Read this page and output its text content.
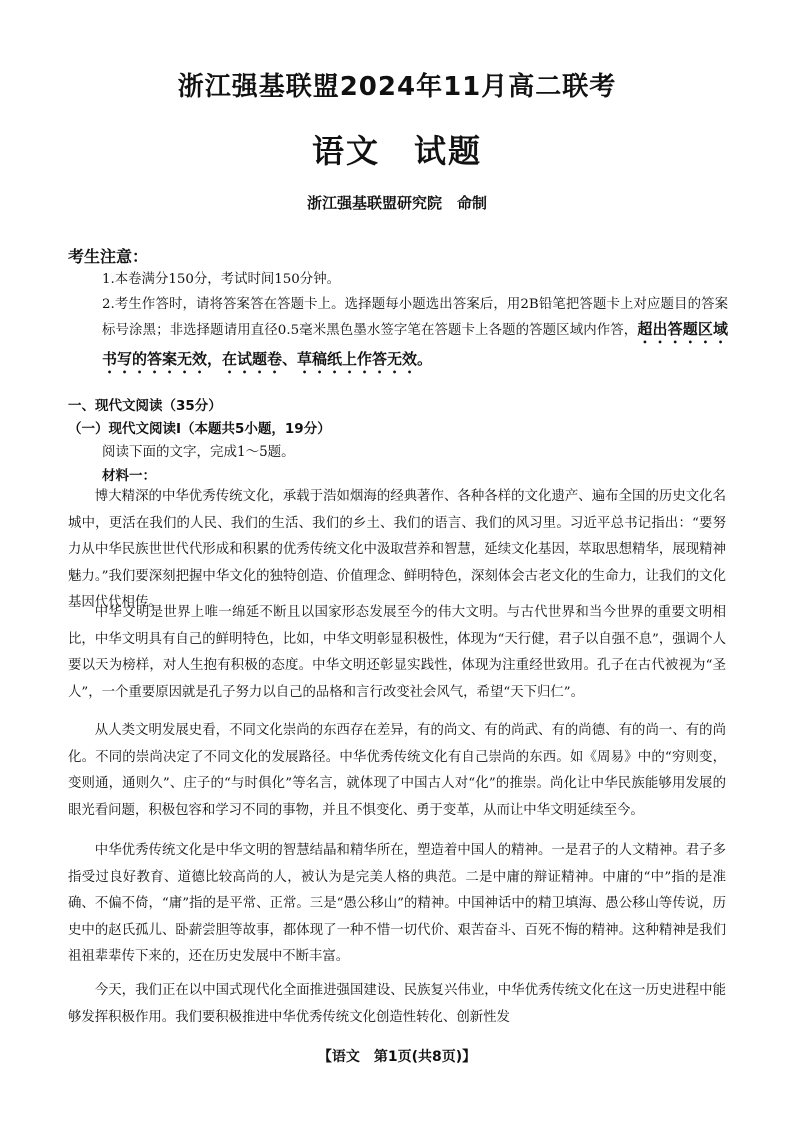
浙江强基联盟2024年11月高二联考
语文　试题
浙江强基联盟研究院　命制
考生注意：
1.本卷满分150分，考试时间150分钟。
2.考生作答时，请将答案答在答题卡上。选择题每小题选出答案后，用2B铅笔把答题卡上对应题目的答案标号涂黑；非选择题请用直径0.5毫米黑色墨水签字笔在答题卡上各题的答题区域内作答，超出答题区域书写的答案无效，在试题卷、草稿纸上作答无效。
一、现代文阅读（35分）
（一）现代文阅读Ⅰ（本题共5小题，19分）
阅读下面的文字，完成1～5题。
材料一：

博大精深的中华优秀传统文化，承载于浩如烟海的经典著作、各种各样的文化遗产、遍布全国的历史文化名城中，更活在我们的人民、我们的生活、我们的乡土、我们的语言、我们的风习里。习近平总书记指出：“要努力从中华民族世世代代形成和积累的优秀传统文化中汲取营养和智慧，延续文化基因，萃取思想精华，展现精神魅力。”我们要深刻把握中华文化的独特创造、价值理念、鲜明特色，深刻体会古老文化的生命力，让我们的文化基因代代相传。

中华文明是世界上唯一绵延不断且以国家形态发展至今的伟大文明。与古代世界和当今世界的重要文明相比，中华文明具有自己的鲜明特色，比如，中华文明彰显积极性，体现为“天行健，君子以自强不息”，强调个人要以天为榜样，对人生抱有积极的态度。中华文明还彰显实践性，体现为注重经世致用。孔子在古代被视为“圣人”，一个重要原因就是孔子努力以自己的品格和言行改变社会风气，希望“天下归仁”。

从人类文明发展史看，不同文化崇尚的东西存在差异，有的尚文、有的尚武、有的尚德、有的尚一、有的尚化。不同的崇尚决定了不同文化的发展路径。中华优秀传统文化有自己崇尚的东西。如《周易》中的“穷则变，变则通，通则久”、庄子的“与时俱化”等名言，就体现了中国古人对“化”的推崇。尚化让中华民族能够用发展的眼光看问题，积极包容和学习不同的事物，并且不惧变化、勇于变革，从而让中华文明延续至今。

中华优秀传统文化是中华文明的智慧结晶和精华所在，塑造着中国人的精神。一是君子的人文精神。君子多指受过良好教育、道德比较高尚的人，被认为是完美人格的典范。二是中庸的辩证精神。中庸的“中”指的是准确、不偏不倚，“庸”指的是平常、正常。三是“愚公移山”的精神。中国神话中的精卫填海、愚公移山等传说，历史中的赵氏孤儿、卧薪尝胆等故事，都体现了一种不惜一切代价、艰苦奋斗、百死不悔的精神。这种精神是我们祖祖辈辈传下来的，还在历史发展中不断丰富。

今天，我们正在以中国式现代化全面推进强国建设、民族复兴伟业，中华优秀传统文化在这一历史进程中能够发挥积极作用。我们要积极推进中华优秀传统文化创造性转化、创新性发

【语文　第1页(共8页)】
